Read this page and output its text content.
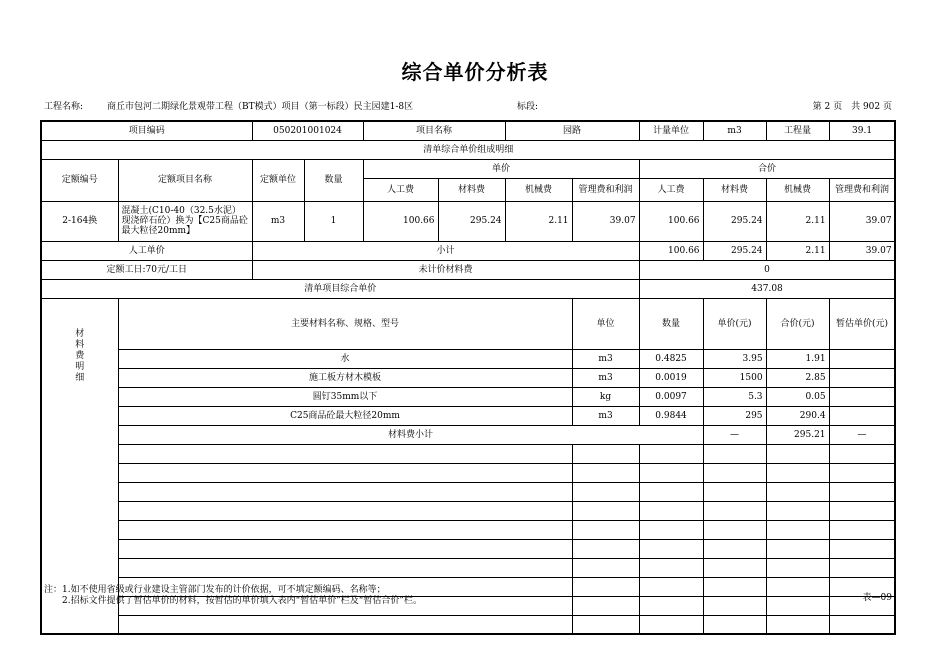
综合单价分析表
工程名称:	商丘市包河二期绿化景观带工程（BT模式）项目（第一标段）民主园建1-8区	标段:	第 2 页　共 902 页
项目编码		050201001024		项目名称		园路		计量单位	m3	工程量	39.1	
清单综合单价组成明细												
定额编号	定额项目名称	定额单位	数量	单价				合价				
				人工费	材料费	机械费	管理费和利润	人工费	材料费	机械费	管理费和利润	
2-164换	混凝土(C10-40（32.5水泥）现浇碎石砼）换为【C25商品砼 最大粒径20mm】	m3	1	100.66	295.24	2.11	39.07	100.66	295.24	2.11	39.07	
人工单价		小计						100.66	295.24	2.11	39.07	
定额工日:70元/工日		未计价材料费						0				
清单项目综合单价								437.08				

材料费明细	主要材料名称、规格、型号						单位	数量	单价(元)	合价(元)	暂估单价(元)	
	水						m3	0.4825	3.95	1.91		
	施工板方材木模板						m3	0.0019	1500	2.85		
	圆钉35mm以下						kg	0.0097	5.3	0.05		
	C25商品砼最大粒径20mm						m3	0.9844	295	290.4		
	材料费小计								—	295.21	—	

注：1.如不使用省级或行业建设主管部门发布的计价依据，可不填定额编码、名称等；
　　2.招标文件提供了暂估单价的材料，按暂估的单价填入表内“暂估单价”栏及“暂估合价”栏。	表—09
